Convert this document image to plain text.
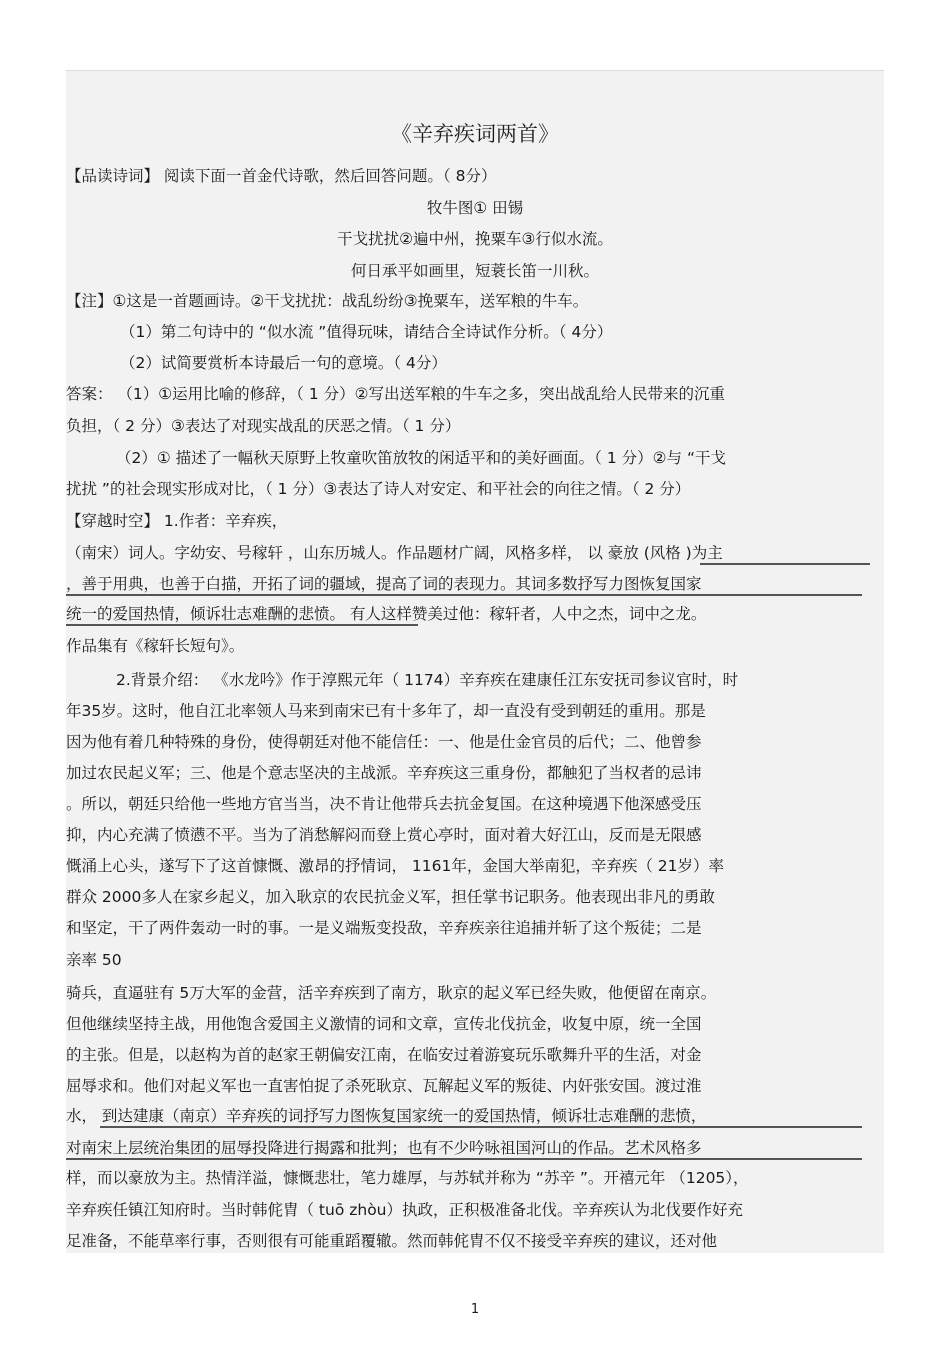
《辛弃疾词两首》
【品读诗词】 阅读下面一首金代诗歌，然后回答问题。（ 8分）
牧牛图① 田锡
干戈扰扰②遍中州，挽粟车③行似水流。
何日承平如画里，短蓑长笛一川秋。
【注】①这是一首题画诗。②干戈扰扰：战乱纷纷③挽粟车，送军粮的牛车。
（1）第二句诗中的 “似水流 ”值得玩味，请结合全诗试作分析。（ 4分）
（2）试简要赏析本诗最后一句的意境。（ 4分）
答案： （1）①运用比喻的修辞，（ 1 分）②写出送军粮的牛车之多，突出战乱给人民带来的沉重
负担，（ 2 分）③表达了对现实战乱的厌恶之情。（ 1 分）
（2）① 描述了一幅秋天原野上牧童吹笛放牧的闲适平和的美好画面。（ 1 分）②与 “干戈
扰扰 ”的社会现实形成对比，（ 1 分）③表达了诗人对安定、和平社会的向往之情。（ 2 分）
【穿越时空】 1.作者：辛弃疾，
（南宋）词人。字幼安、号稼轩 ，山东历城人。作品题材广阔，风格多样， 以 豪放 (风格 )为主
，善于用典，也善于白描，开拓了词的疆域，提高了词的表现力。其词多数抒写力图恢复国家
统一的爱国热情，倾诉壮志难酬的悲愤。 有人这样赞美过他：稼轩者，人中之杰，词中之龙。
作品集有《稼轩长短句》。
2.背景介绍： 《水龙吟》作于淳熙元年（ 1174）辛弃疾在建康任江东安抚司参议官时，时
年35岁。这时，他自江北率领人马来到南宋已有十多年了，却一直没有受到朝廷的重用。那是
因为他有着几种特殊的身份，使得朝廷对他不能信任：一、他是仕金官员的后代；二、他曾参
加过农民起义军；三、他是个意志坚决的主战派。辛弃疾这三重身份，都触犯了当权者的忌讳
。所以，朝廷只给他一些地方官当当，决不肯让他带兵去抗金复国。在这种境遇下他深感受压
抑，内心充满了愤懑不平。当为了消愁解闷而登上赏心亭时，面对着大好江山，反而是无限感
慨涌上心头，遂写下了这首慷慨、激昂的抒情词， 1161年，金国大举南犯，辛弃疾（ 21岁）率
群众 2000多人在家乡起义，加入耿京的农民抗金义军，担任掌书记职务。他表现出非凡的勇敢
和坚定，干了两件轰动一时的事。一是义端叛变投敌，辛弃疾亲往追捕并斩了这个叛徒；二是
亲率 50
骑兵，直逼驻有 5万大军的金营，活辛弃疾到了南方，耿京的起义军已经失败，他便留在南京。
但他继续坚持主战，用他饱含爱国主义激情的词和文章，宣传北伐抗金，收复中原，统一全国
的主张。但是，以赵构为首的赵家王朝偏安江南，在临安过着游宴玩乐歌舞升平的生活，对金
屈辱求和。他们对起义军也一直害怕捉了杀死耿京、瓦解起义军的叛徒、内奸张安国。渡过淮
水， 到达建康（南京）辛弃疾的词抒写力图恢复国家统一的爱国热情，倾诉壮志难酬的悲愤，
对南宋上层统治集团的屈辱投降进行揭露和批判；也有不少吟咏祖国河山的作品。艺术风格多
样，而以豪放为主。热情洋溢，慷慨悲壮，笔力雄厚，与苏轼并称为 “苏辛 ”。开禧元年 （1205），
辛弃疾任镇江知府时。当时韩侂胄（ tuō zhòu）执政，正积极准备北伐。辛弃疾认为北伐要作好充
足准备，不能草率行事，否则很有可能重蹈覆辙。然而韩侂胄不仅不接受辛弃疾的建议，还对他
1
